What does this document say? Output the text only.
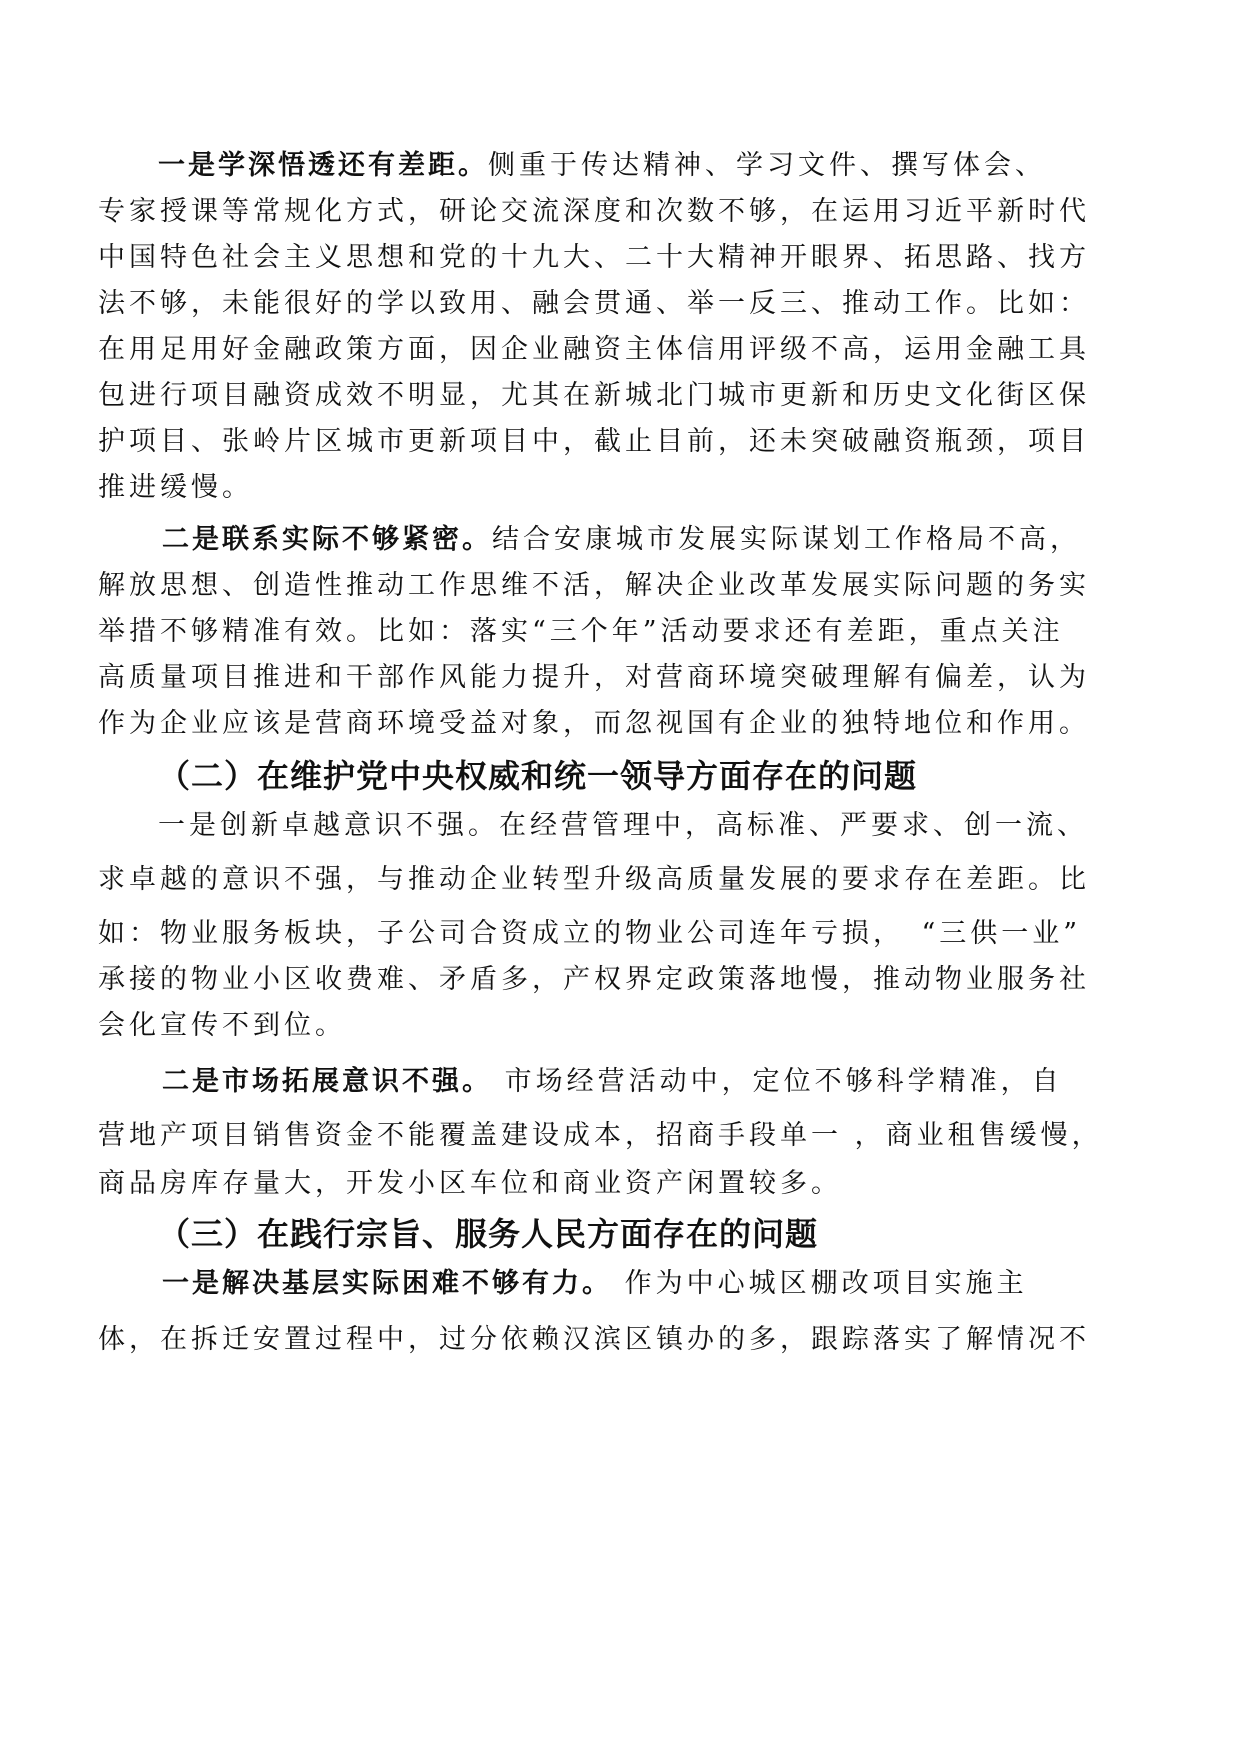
一是学深悟透还有差距。侧重于传达精神、学习文件、撰写体会、
专家授课等常规化方式，研论交流深度和次数不够，在运用习近平新时代
中国特色社会主义思想和党的十九大、二十大精神开眼界、拓思路、找方
法不够，未能很好的学以致用、融会贯通、举一反三、推动工作。比如：
在用足用好金融政策方面，因企业融资主体信用评级不高，运用金融工具
包进行项目融资成效不明显，尤其在新城北门城市更新和历史文化街区保
护项目、张岭片区城市更新项目中，截止目前，还未突破融资瓶颈，项目
推进缓慢。
二是联系实际不够紧密。结合安康城市发展实际谋划工作格局不高，
解放思想、创造性推动工作思维不活，解决企业改革发展实际问题的务实
举措不够精准有效。比如：落实“三个年”活动要求还有差距，重点关注
高质量项目推进和干部作风能力提升，对营商环境突破理解有偏差，认为
作为企业应该是营商环境受益对象，而忽视国有企业的独特地位和作用。
（二）在维护党中央权威和统一领导方面存在的问题
一是创新卓越意识不强。在经营管理中，高标准、严要求、创一流、
求卓越的意识不强，与推动企业转型升级高质量发展的要求存在差距。比
如：物业服务板块，子公司合资成立的物业公司连年亏损，　“三供一业”
承接的物业小区收费难、矛盾多，产权界定政策落地慢，推动物业服务社
会化宣传不到位。
二是市场拓展意识不强。 市场经营活动中，定位不够科学精准，自
营地产项目销售资金不能覆盖建设成本，招商手段单一 ，商业租售缓慢，
商品房库存量大，开发小区车位和商业资产闲置较多。
（三）在践行宗旨、服务人民方面存在的问题
一是解决基层实际困难不够有力。 作为中心城区棚改项目实施主
体，在拆迁安置过程中，过分依赖汉滨区镇办的多，跟踪落实了解情况不
